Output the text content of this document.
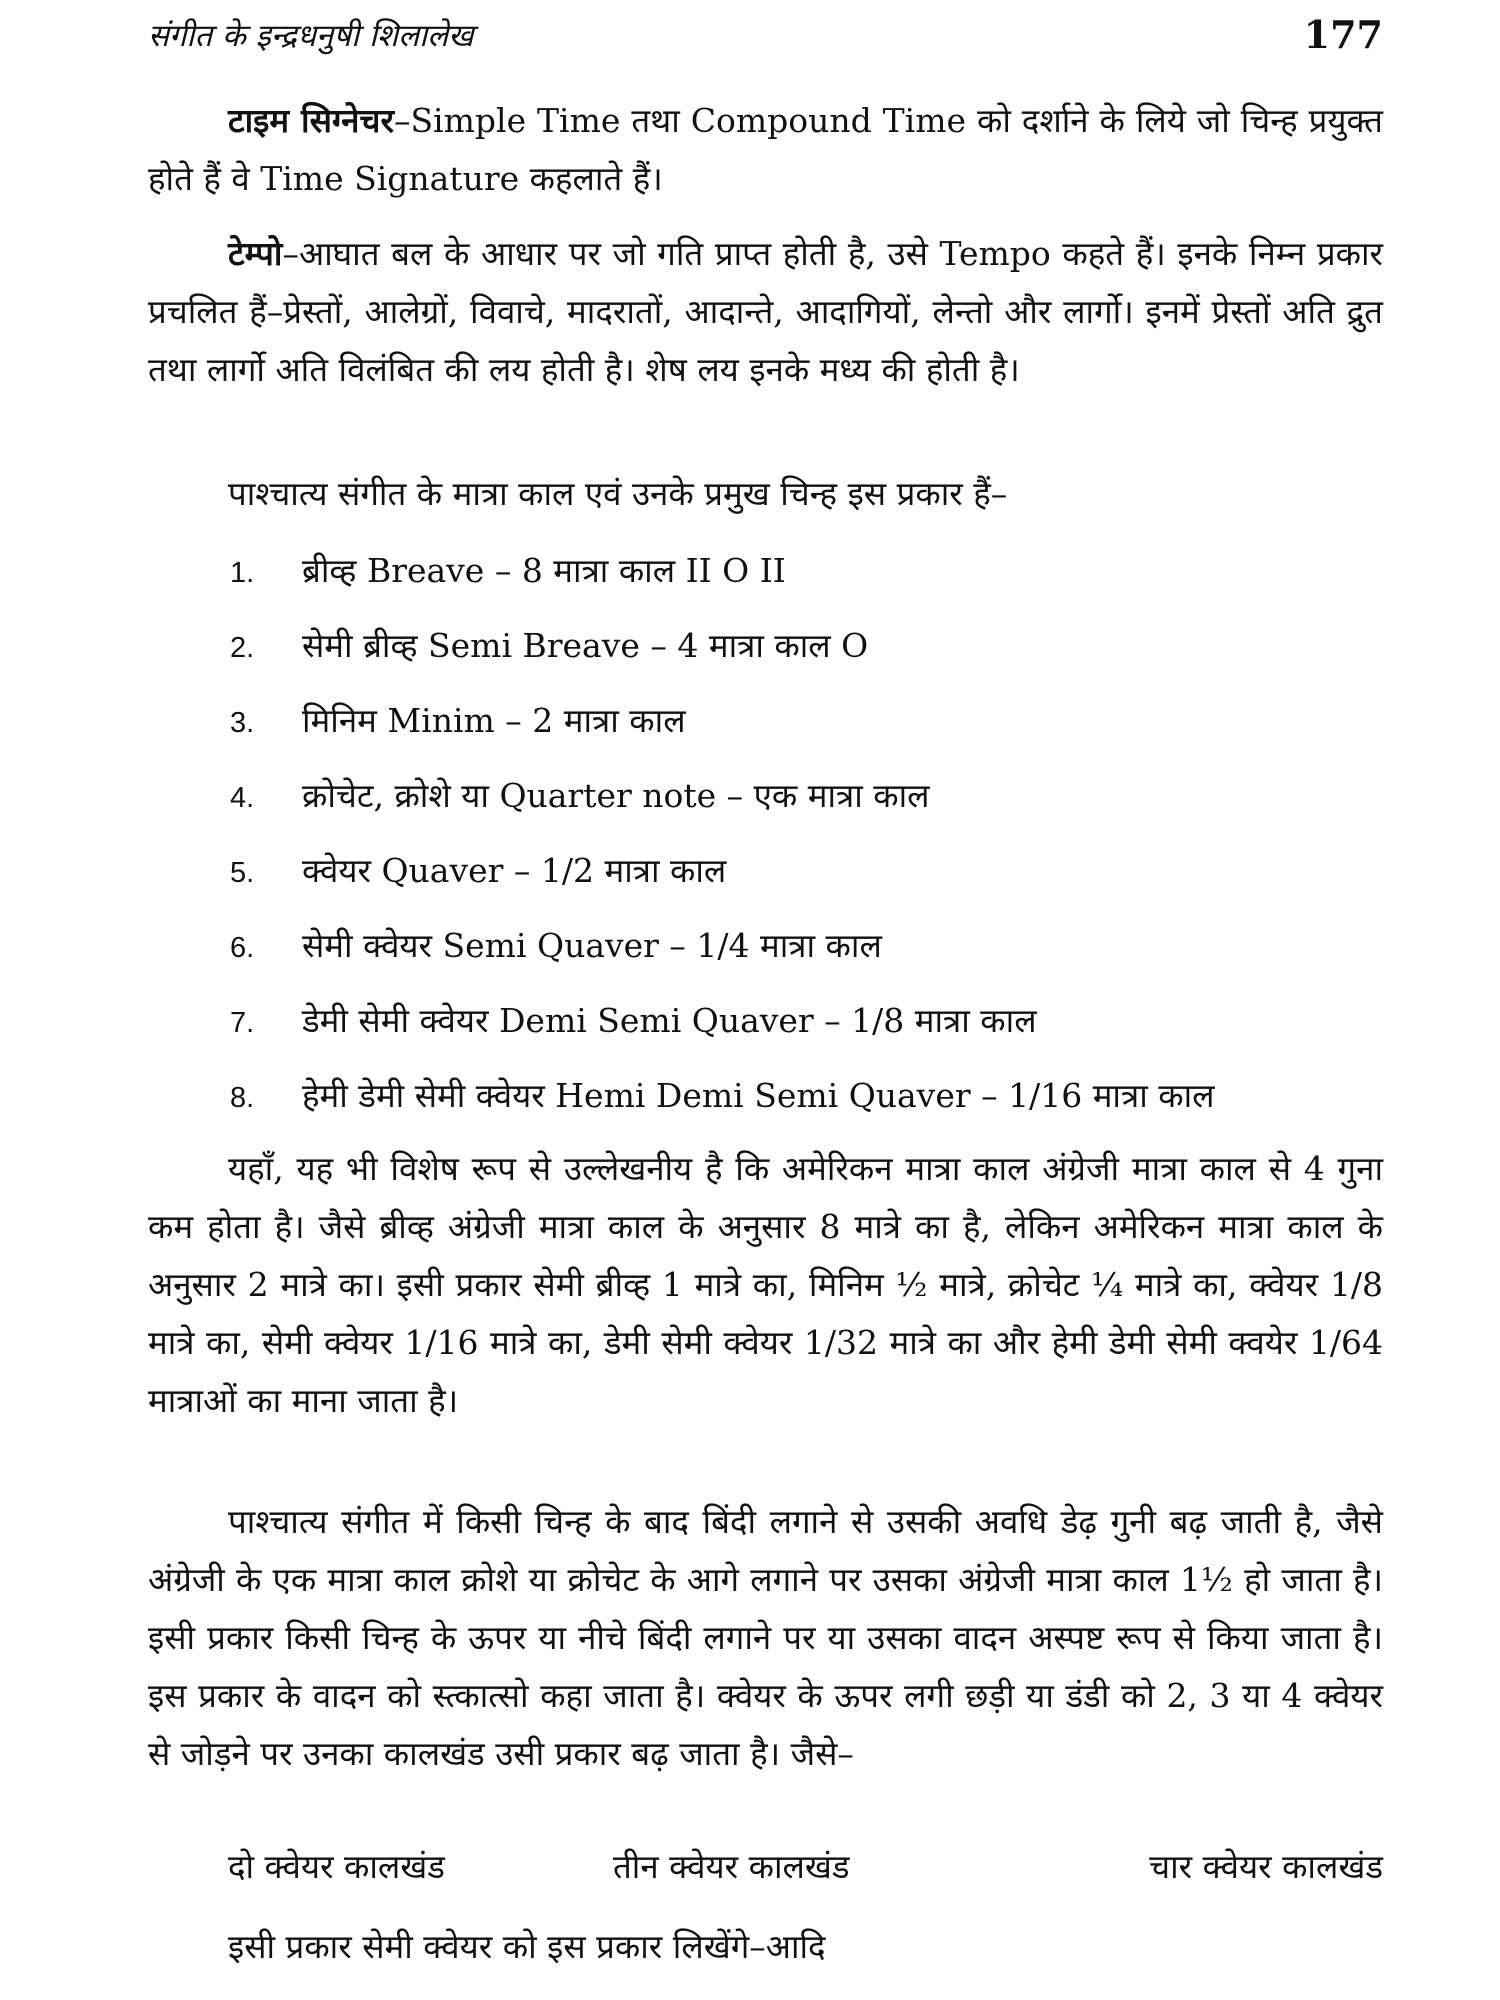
संगीत के इन्द्रधनुषी शिलालेख	177
टाइम सिग्नेचर–Simple Time तथा Compound Time को दर्शाने के लिये जो चिन्ह प्रयुक्त होते हैं वे Time Signature कहलाते हैं।
टेम्पो–आघात बल के आधार पर जो गति प्राप्त होती है, उसे Tempo कहते हैं। इनके निम्न प्रकार प्रचलित हैं–प्रेस्तों, आलेग्रों, विवाचे, मादरातों, आदान्ते, आदागियों, लेन्तो और लार्गो। इनमें प्रेस्तों अति द्रुत तथा लार्गो अति विलंबित की लय होती है। शेष लय इनके मध्य की होती है।
पाश्चात्य संगीत के मात्रा काल एवं उनके प्रमुख चिन्ह इस प्रकार हैं–
1. ब्रीव्ह Breave – 8 मात्रा काल II O II
2. सेमी ब्रीव्ह Semi Breave – 4 मात्रा काल O
3. मिनिम Minim – 2 मात्रा काल
4. क्रोचेट, क्रोशे या Quarter note – एक मात्रा काल
5. क्वेयर Quaver – 1/2 मात्रा काल
6. सेमी क्वेयर Semi Quaver – 1/4 मात्रा काल
7. डेमी सेमी क्वेयर Demi Semi Quaver – 1/8 मात्रा काल
8. हेमी डेमी सेमी क्वेयर Hemi Demi Semi Quaver – 1/16 मात्रा काल
यहाँ, यह भी विशेष रूप से उल्लेखनीय है कि अमेरिकन मात्रा काल अंग्रेजी मात्रा काल से 4 गुना कम होता है। जैसे ब्रीव्ह अंग्रेजी मात्रा काल के अनुसार 8 मात्रे का है, लेकिन अमेरिकन मात्रा काल के अनुसार 2 मात्रे का। इसी प्रकार सेमी ब्रीव्ह 1 मात्रे का, मिनिम ½ मात्रे, क्रोचेट ¼ मात्रे का, क्वेयर 1/8 मात्रे का, सेमी क्वेयर 1/16 मात्रे का, डेमी सेमी क्वेयर 1/32 मात्रे का और हेमी डेमी सेमी क्वयेर 1/64 मात्राओं का माना जाता है।
पाश्चात्य संगीत में किसी चिन्ह के बाद बिंदी लगाने से उसकी अवधि डेढ़ गुनी बढ़ जाती है, जैसे अंग्रेजी के एक मात्रा काल क्रोशे या क्रोचेट के आगे लगाने पर उसका अंग्रेजी मात्रा काल 1½ हो जाता है। इसी प्रकार किसी चिन्ह के ऊपर या नीचे बिंदी लगाने पर या उसका वादन अस्पष्ट रूप से किया जाता है। इस प्रकार के वादन को स्त्कात्सो कहा जाता है। क्वेयर के ऊपर लगी छड़ी या डंडी को 2, 3 या 4 क्वेयर से जोड़ने पर उनका कालखंड उसी प्रकार बढ़ जाता है। जैसे–
दो क्वेयर कालखंड	तीन क्वेयर कालखंड	चार क्वेयर कालखंड
इसी प्रकार सेमी क्वेयर को इस प्रकार लिखेंगे–आदि
